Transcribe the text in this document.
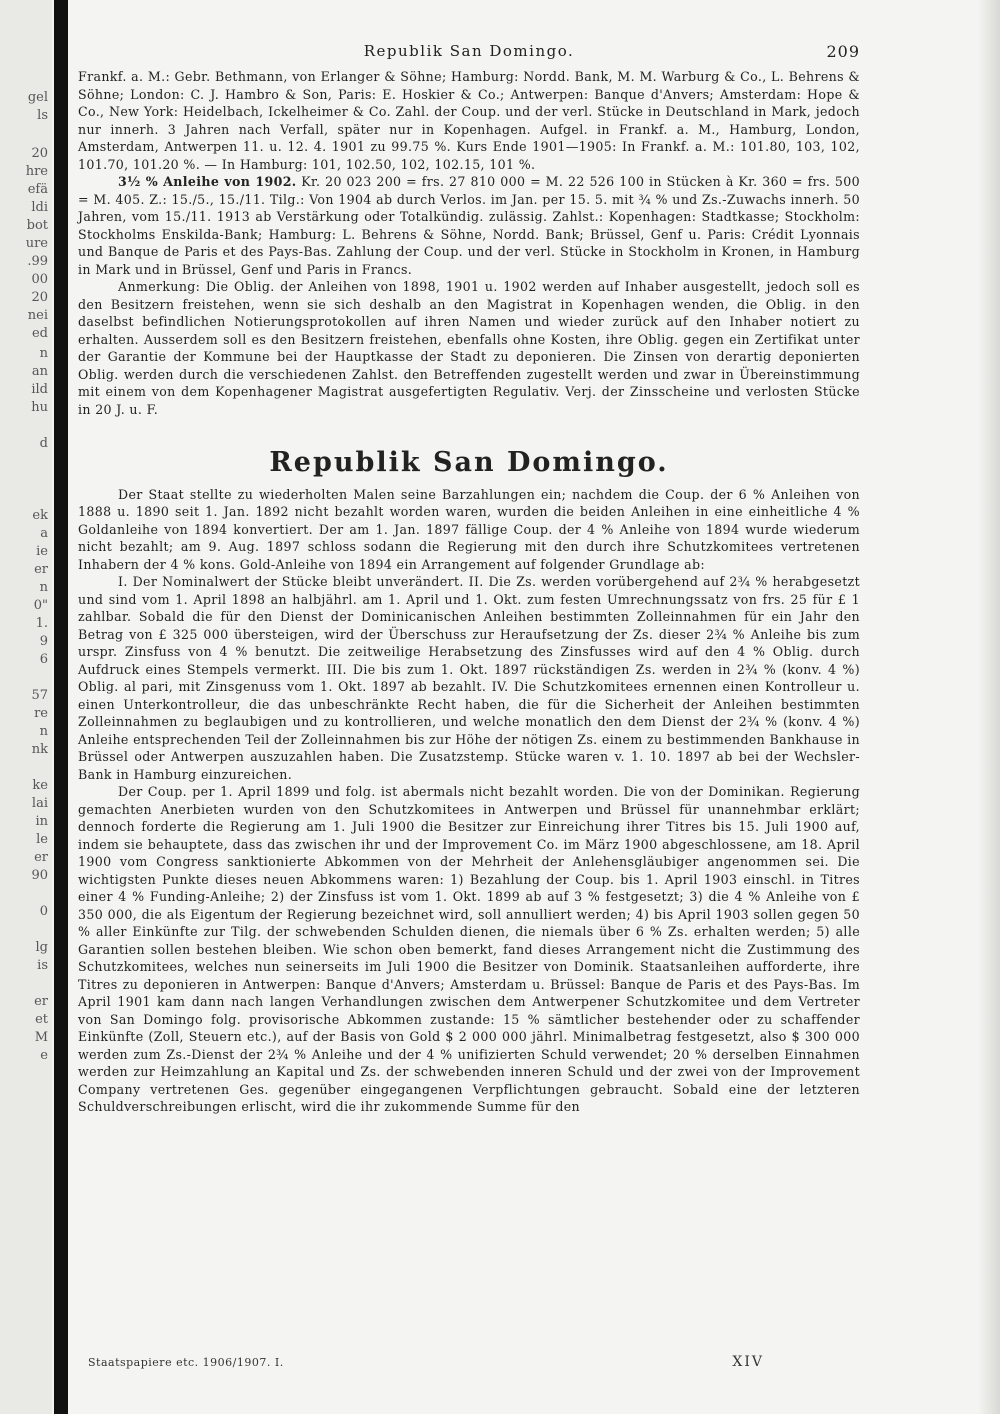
gel
ls
20
hre
efä
ldi
bot
ure
.99
00
20
nei
ed
n
an
ild
hu
d
ek
a
ie
er
n
0"
1.
9
6
57
re
n
nk
ke
lai
in
le
er
90
0
lg
is
er
et
M
e
Republik San Domingo.	209

Frankf. a. M.: Gebr. Bethmann, von Erlanger & Söhne; Hamburg: Nordd. Bank, M. M. Warburg & Co., L. Behrens & Söhne; London: C. J. Hambro & Son, Paris: E. Hoskier & Co.; Antwerpen: Banque d'Anvers; Amsterdam: Hope & Co., New York: Heidelbach, Ickelheimer & Co. Zahl. der Coup. und der verl. Stücke in Deutschland in Mark, jedoch nur innerh. 3 Jahren nach Verfall, später nur in Kopenhagen. Aufgel. in Frankf. a. M., Hamburg, London, Amsterdam, Antwerpen 11. u. 12. 4. 1901 zu 99.75 %. Kurs Ende 1901—1905: In Frankf. a. M.: 101.80, 103, 102, 101.70, 101.20 %. — In Hamburg: 101, 102.50, 102, 102.15, 101 %.

3½ % Anleihe von 1902. Kr. 20 023 200 = frs. 27 810 000 = M. 22 526 100 in Stücken à Kr. 360 = frs. 500 = M. 405. Z.: 15./5., 15./11. Tilg.: Von 1904 ab durch Verlos. im Jan. per 15. 5. mit ¾ % und Zs.-Zuwachs innerh. 50 Jahren, vom 15./11. 1913 ab Verstärkung oder Totalkündig. zulässig. Zahlst.: Kopenhagen: Stadtkasse; Stockholm: Stockholms Enskilda-Bank; Hamburg: L. Behrens & Söhne, Nordd. Bank; Brüssel, Genf u. Paris: Crédit Lyonnais und Banque de Paris et des Pays-Bas. Zahlung der Coup. und der verl. Stücke in Stockholm in Kronen, in Hamburg in Mark und in Brüssel, Genf und Paris in Francs.

Anmerkung: Die Oblig. der Anleihen von 1898, 1901 u. 1902 werden auf Inhaber ausgestellt, jedoch soll es den Besitzern freistehen, wenn sie sich deshalb an den Magistrat in Kopenhagen wenden, die Oblig. in den daselbst befindlichen Notierungsprotokollen auf ihren Namen und wieder zurück auf den Inhaber notiert zu erhalten. Ausserdem soll es den Besitzern freistehen, ebenfalls ohne Kosten, ihre Oblig. gegen ein Zertifikat unter der Garantie der Kommune bei der Hauptkasse der Stadt zu deponieren. Die Zinsen von derartig deponierten Oblig. werden durch die verschiedenen Zahlst. den Betreffenden zugestellt werden und zwar in Übereinstimmung mit einem von dem Kopenhagener Magistrat ausgefertigten Regulativ. Verj. der Zinsscheine und verlosten Stücke in 20 J. u. F.

Republik San Domingo.

Der Staat stellte zu wiederholten Malen seine Barzahlungen ein; nachdem die Coup. der 6 % Anleihen von 1888 u. 1890 seit 1. Jan. 1892 nicht bezahlt worden waren, wurden die beiden Anleihen in eine einheitliche 4 % Goldanleihe von 1894 konvertiert. Der am 1. Jan. 1897 fällige Coup. der 4 % Anleihe von 1894 wurde wiederum nicht bezahlt; am 9. Aug. 1897 schloss sodann die Regierung mit den durch ihre Schutzkomitees vertretenen Inhabern der 4 % kons. Gold-Anleihe von 1894 ein Arrangement auf folgender Grundlage ab:

I. Der Nominalwert der Stücke bleibt unverändert. II. Die Zs. werden vorübergehend auf 2¾ % herabgesetzt und sind vom 1. April 1898 an halbjährl. am 1. April und 1. Okt. zum festen Umrechnungssatz von frs. 25 für £ 1 zahlbar. Sobald die für den Dienst der Dominicanischen Anleihen bestimmten Zolleinnahmen für ein Jahr den Betrag von £ 325 000 übersteigen, wird der Überschuss zur Heraufsetzung der Zs. dieser 2¾ % Anleihe bis zum urspr. Zinsfuss von 4 % benutzt. Die zeitweilige Herabsetzung des Zinsfusses wird auf den 4 % Oblig. durch Aufdruck eines Stempels vermerkt. III. Die bis zum 1. Okt. 1897 rückständigen Zs. werden in 2¾ % (konv. 4 %) Oblig. al pari, mit Zinsgenuss vom 1. Okt. 1897 ab bezahlt. IV. Die Schutzkomitees ernennen einen Kontrolleur u. einen Unterkontrolleur, die das unbeschränkte Recht haben, die für die Sicherheit der Anleihen bestimmten Zolleinnahmen zu beglaubigen und zu kontrollieren, und welche monatlich den dem Dienst der 2¾ % (konv. 4 %) Anleihe entsprechenden Teil der Zolleinnahmen bis zur Höhe der nötigen Zs. einem zu bestimmenden Bankhause in Brüssel oder Antwerpen auszuzahlen haben. Die Zusatzstemp. Stücke waren v. 1. 10. 1897 ab bei der Wechsler-Bank in Hamburg einzureichen.

Der Coup. per 1. April 1899 und folg. ist abermals nicht bezahlt worden. Die von der Dominikan. Regierung gemachten Anerbieten wurden von den Schutzkomitees in Antwerpen und Brüssel für unannehmbar erklärt; dennoch forderte die Regierung am 1. Juli 1900 die Besitzer zur Einreichung ihrer Titres bis 15. Juli 1900 auf, indem sie behauptete, dass das zwischen ihr und der Improvement Co. im März 1900 abgeschlossene, am 18. April 1900 vom Congress sanktionierte Abkommen von der Mehrheit der Anlehensgläubiger angenommen sei. Die wichtigsten Punkte dieses neuen Abkommens waren: 1) Bezahlung der Coup. bis 1. April 1903 einschl. in Titres einer 4 % Funding-Anleihe; 2) der Zinsfuss ist vom 1. Okt. 1899 ab auf 3 % festgesetzt; 3) die 4 % Anleihe von £ 350 000, die als Eigentum der Regierung bezeichnet wird, soll annulliert werden; 4) bis April 1903 sollen gegen 50 % aller Einkünfte zur Tilg. der schwebenden Schulden dienen, die niemals über 6 % Zs. erhalten werden; 5) alle Garantien sollen bestehen bleiben. Wie schon oben bemerkt, fand dieses Arrangement nicht die Zustimmung des Schutzkomitees, welches nun seinerseits im Juli 1900 die Besitzer von Dominik. Staatsanleihen aufforderte, ihre Titres zu deponieren in Antwerpen: Banque d'Anvers; Amsterdam u. Brüssel: Banque de Paris et des Pays-Bas. Im April 1901 kam dann nach langen Verhandlungen zwischen dem Antwerpener Schutzkomitee und dem Vertreter von San Domingo folg. provisorische Abkommen zustande: 15 % sämtlicher bestehender oder zu schaffender Einkünfte (Zoll, Steuern etc.), auf der Basis von Gold $ 2 000 000 jährl. Minimalbetrag festgesetzt, also $ 300 000 werden zum Zs.-Dienst der 2¾ % Anleihe und der 4 % unifizierten Schuld verwendet; 20 % derselben Einnahmen werden zur Heimzahlung an Kapital und Zs. der schwebenden inneren Schuld und der zwei von der Improvement Company vertretenen Ges. gegenüber eingegangenen Verpflichtungen gebraucht. Sobald eine der letzteren Schuldverschreibungen erlischt, wird die ihr zukommende Summe für den

Staatspapiere etc. 1906/1907. I.	XIV
